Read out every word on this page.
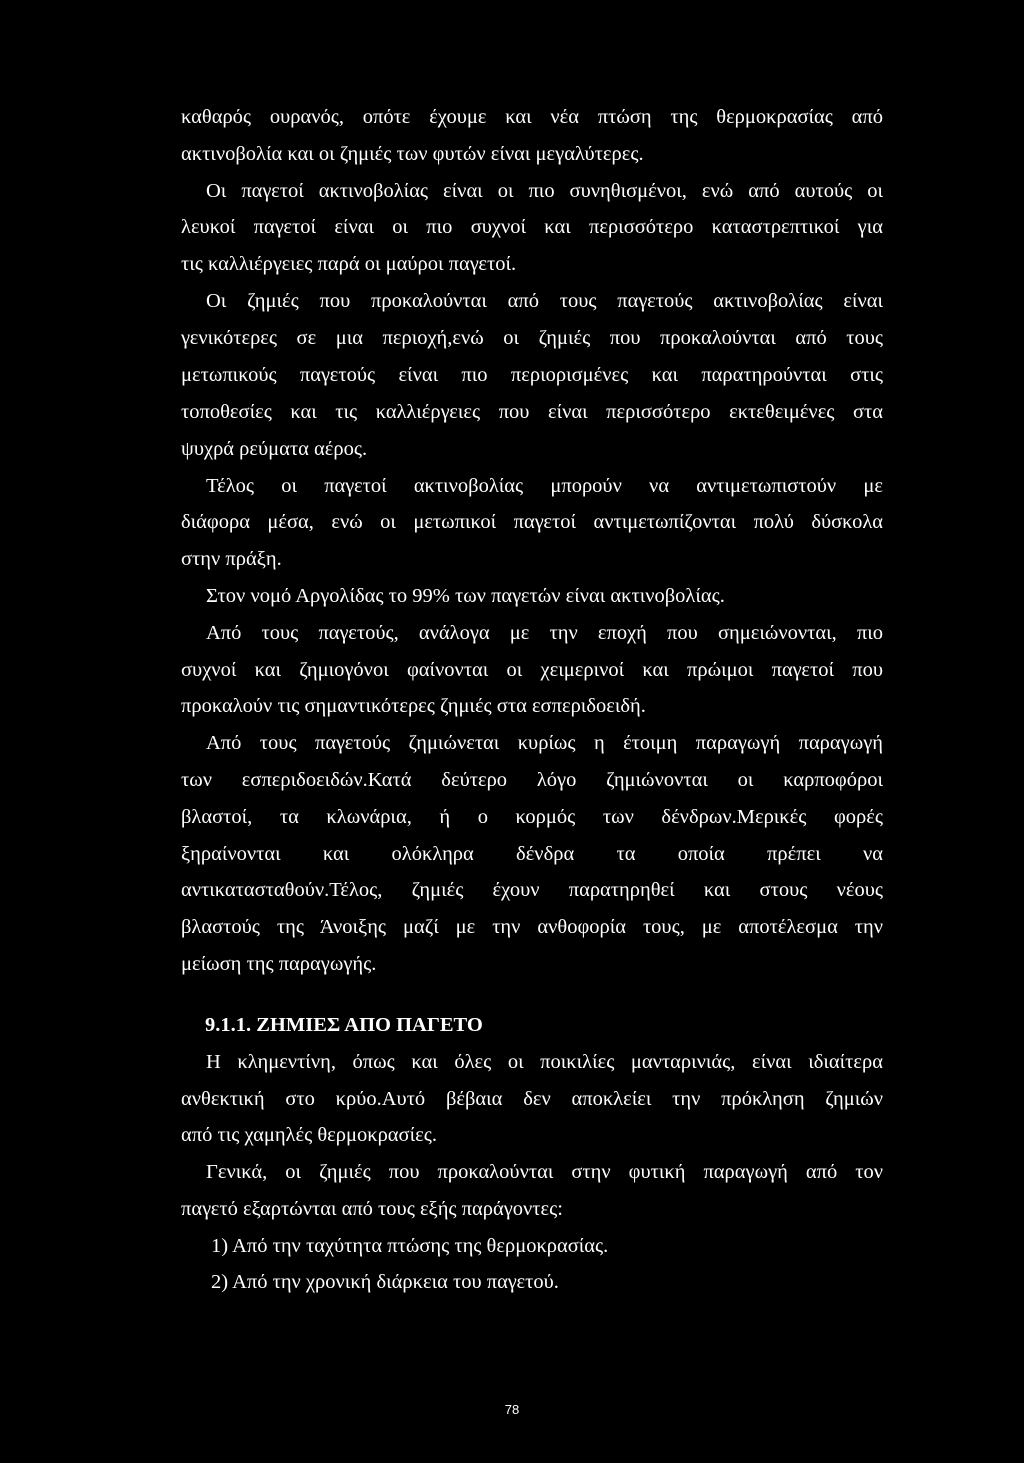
καθαρός ουρανός, οπότε έχουμε και νέα πτώση της θερμοκρασίας από
ακτινοβολία και οι ζημιές των φυτών είναι μεγαλύτερες.
Οι παγετοί ακτινοβολίας είναι οι πιο συνηθισμένοι, ενώ από αυτούς οι
λευκοί παγετοί είναι οι πιο συχνοί και περισσότερο καταστρεπτικοί για
τις καλλιέργειες παρά οι μαύροι παγετοί.
Οι ζημιές που προκαλούνται από τους παγετούς ακτινοβολίας είναι
γενικότερες σε μια περιοχή,ενώ οι ζημιές που προκαλούνται από τους
μετωπικούς παγετούς είναι πιο περιορισμένες και παρατηρούνται στις
τοποθεσίες και τις καλλιέργειες που είναι περισσότερο εκτεθειμένες στα
ψυχρά ρεύματα αέρος.
Τέλος οι παγετοί ακτινοβολίας μπορούν να αντιμετωπιστούν με
διάφορα μέσα, ενώ οι μετωπικοί παγετοί αντιμετωπίζονται πολύ δύσκολα
στην πράξη.
Στον νομό Αργολίδας το 99% των παγετών είναι ακτινοβολίας.
Από τους παγετούς, ανάλογα με την εποχή που σημειώνονται, πιο
συχνοί και ζημιογόνοι φαίνονται οι χειμερινοί και πρώιμοι παγετοί που
προκαλούν τις σημαντικότερες ζημιές στα εσπεριδοειδή.
Από τους παγετούς ζημιώνεται κυρίως η έτοιμη παραγωγή παραγωγή
των εσπεριδοειδών.Κατά δεύτερο λόγο ζημιώνονται οι καρποφόροι
βλαστοί, τα κλωνάρια, ή ο κορμός των δένδρων.Μερικές φορές
ξηραίνονται και ολόκληρα δένδρα τα οποία πρέπει να
αντικατασταθούν.Τέλος, ζημιές έχουν παρατηρηθεί και στους νέους
βλαστούς της Άνοιξης μαζί με την ανθοφορία τους, με αποτέλεσμα την
μείωση της παραγωγής.
9.1.1. ΖΗΜΙΕΣ ΑΠΟ ΠΑΓΕΤΟ
Η κλημεντίνη, όπως και όλες οι ποικιλίες μανταρινιάς, είναι ιδιαίτερα
ανθεκτική στο κρύο.Αυτό βέβαια δεν αποκλείει την πρόκληση ζημιών
από τις χαμηλές θερμοκρασίες.
Γενικά, οι ζημιές που προκαλούνται στην φυτική παραγωγή από τον
παγετό εξαρτώνται από τους εξής παράγοντες:
1) Από την ταχύτητα πτώσης της θερμοκρασίας.
2) Από την χρονική διάρκεια του παγετού.
78
